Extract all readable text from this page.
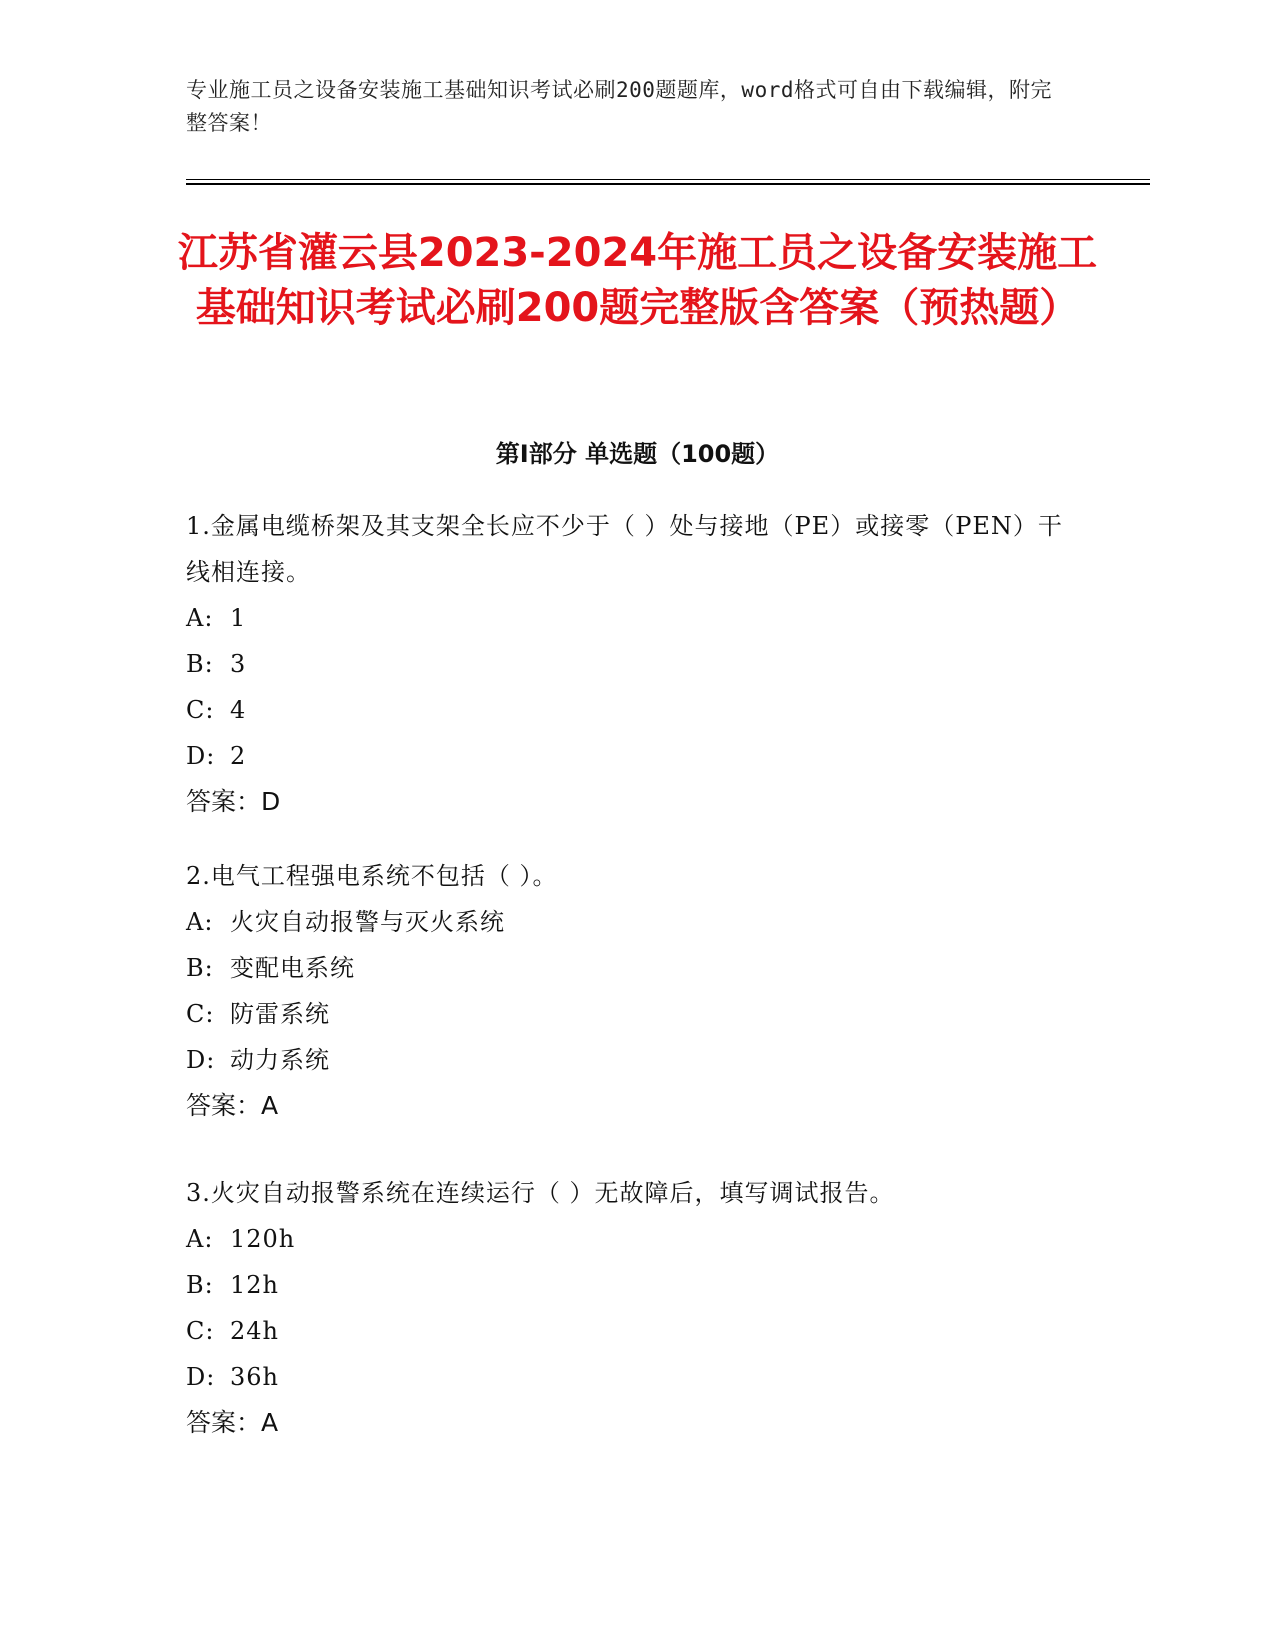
专业施工员之设备安装施工基础知识考试必刷200题题库，word格式可自由下载编辑，附完整答案！
江苏省灌云县2023-2024年施工员之设备安装施工基础知识考试必刷200题完整版含答案（预热题）
第Ⅰ部分 单选题（100题）

1.金属电缆桥架及其支架全长应不少于（ ）处与接地（PE）或接零（PEN）干线相连接。

A: 1
B: 3
C: 4
D: 2
答案：D

2.电气工程强电系统不包括（ ）。

A: 火灾自动报警与灭火系统
B: 变配电系统
C: 防雷系统
D: 动力系统
答案：A

3.火灾自动报警系统在连续运行（ ）无故障后，填写调试报告。

A: 120h
B: 12h
C: 24h
D: 36h
答案：A
